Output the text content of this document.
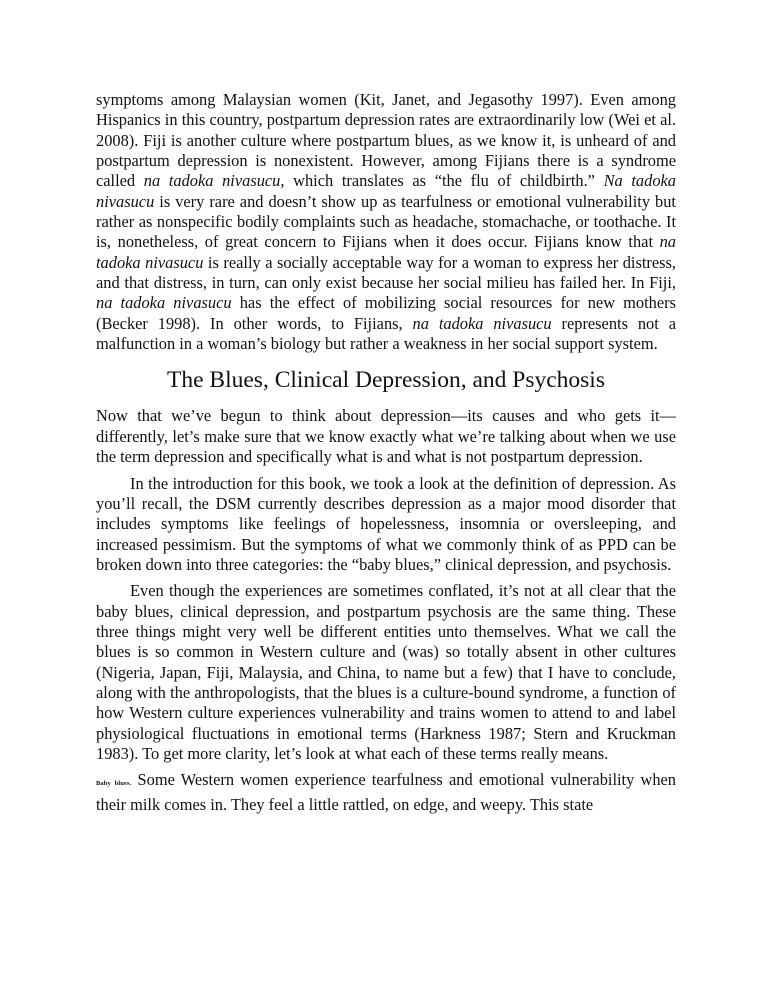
symptoms among Malaysian women (Kit, Janet, and Jegasothy 1997). Even among Hispanics in this country, postpartum depression rates are extraordinarily low (Wei et al. 2008). Fiji is another culture where postpartum blues, as we know it, is unheard of and postpartum depression is nonexistent. However, among Fijians there is a syndrome called na tadoka nivasucu, which translates as “the flu of childbirth.” Na tadoka nivasucu is very rare and doesn’t show up as tearfulness or emotional vulnerability but rather as nonspecific bodily complaints such as headache, stomachache, or toothache. It is, nonetheless, of great concern to Fijians when it does occur. Fijians know that na tadoka nivasucu is really a socially acceptable way for a woman to express her distress, and that distress, in turn, can only exist because her social milieu has failed her. In Fiji, na tadoka nivasucu has the effect of mobilizing social resources for new mothers (Becker 1998). In other words, to Fijians, na tadoka nivasucu represents not a malfunction in a woman’s biology but rather a weakness in her social support system.

The Blues, Clinical Depression, and Psychosis

Now that we’ve begun to think about depression—its causes and who gets it—differently, let’s make sure that we know exactly what we’re talking about when we use the term depression and specifically what is and what is not postpartum depression.

In the introduction for this book, we took a look at the definition of depression. As you’ll recall, the DSM currently describes depression as a major mood disorder that includes symptoms like feelings of hopelessness, insomnia or oversleeping, and increased pessimism. But the symptoms of what we commonly think of as PPD can be broken down into three categories: the “baby blues,” clinical depression, and psychosis.

Even though the experiences are sometimes conflated, it’s not at all clear that the baby blues, clinical depression, and postpartum psychosis are the same thing. These three things might very well be different entities unto themselves. What we call the blues is so common in Western culture and (was) so totally absent in other cultures (Nigeria, Japan, Fiji, Malaysia, and China, to name but a few) that I have to conclude, along with the anthropologists, that the blues is a culture-bound syndrome, a function of how Western culture experiences vulnerability and trains women to attend to and label physiological fluctuations in emotional terms (Harkness 1987; Stern and Kruckman 1983). To get more clarity, let’s look at what each of these terms really means.

Baby blues. Some Western women experience tearfulness and emotional vulnerability when their milk comes in. They feel a little rattled, on edge, and weepy. This state
